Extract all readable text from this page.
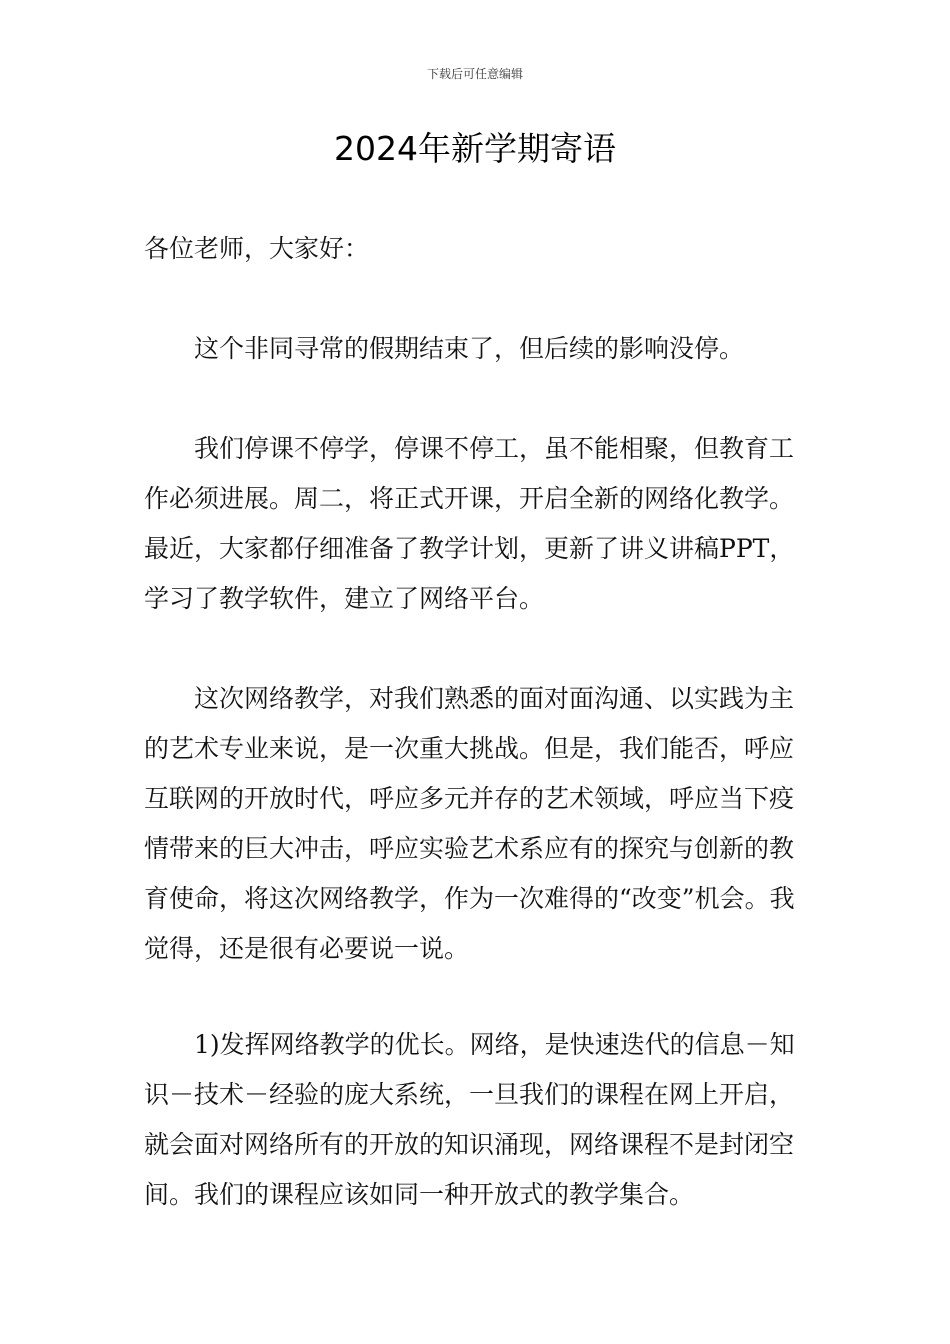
下载后可任意编辑
2024年新学期寄语

各位老师，大家好：

这个非同寻常的假期结束了，但后续的影响没停。

我们停课不停学，停课不停工，虽不能相聚，但教育工作必须进展。周二，将正式开课，开启全新的网络化教学。最近，大家都仔细准备了教学计划，更新了讲义讲稿PPT，学习了教学软件，建立了网络平台。

这次网络教学，对我们熟悉的面对面沟通、以实践为主的艺术专业来说，是一次重大挑战。但是，我们能否，呼应互联网的开放时代，呼应多元并存的艺术领域，呼应当下疫情带来的巨大冲击，呼应实验艺术系应有的探究与创新的教育使命，将这次网络教学，作为一次难得的“改变”机会。我觉得，还是很有必要说一说。

1)发挥网络教学的优长。网络，是快速迭代的信息－知识－技术－经验的庞大系统，一旦我们的课程在网上开启，就会面对网络所有的开放的知识涌现，网络课程不是封闭空间。我们的课程应该如同一种开放式的教学集合。
